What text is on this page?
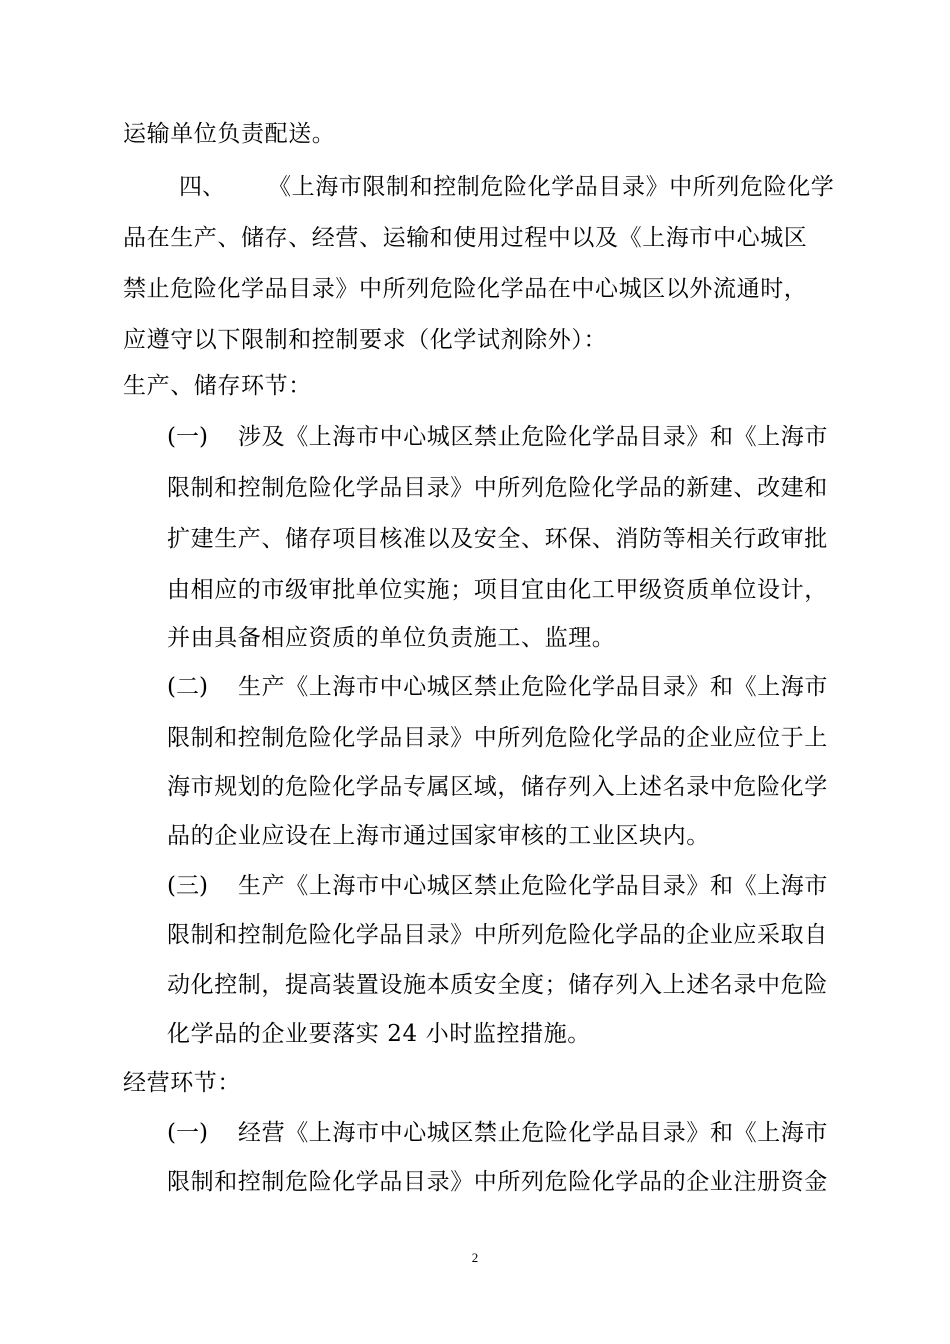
运输单位负责配送。
四、 《上海市限制和控制危险化学品目录》中所列危险化学
品在生产、储存、经营、运输和使用过程中以及《上海市中心城区
禁止危险化学品目录》中所列危险化学品在中心城区以外流通时，
应遵守以下限制和控制要求（化学试剂除外）：
生产、储存环节：
(一) 涉及《上海市中心城区禁止危险化学品目录》和《上海市
限制和控制危险化学品目录》中所列危险化学品的新建、改建和
扩建生产、储存项目核准以及安全、环保、消防等相关行政审批
由相应的市级审批单位实施；项目宜由化工甲级资质单位设计，
并由具备相应资质的单位负责施工、监理。
(二) 生产《上海市中心城区禁止危险化学品目录》和《上海市
限制和控制危险化学品目录》中所列危险化学品的企业应位于上
海市规划的危险化学品专属区域，储存列入上述名录中危险化学
品的企业应设在上海市通过国家审核的工业区块内。
(三) 生产《上海市中心城区禁止危险化学品目录》和《上海市
限制和控制危险化学品目录》中所列危险化学品的企业应采取自
动化控制，提高装置设施本质安全度；储存列入上述名录中危险
化学品的企业要落实 24 小时监控措施。
经营环节：
(一) 经营《上海市中心城区禁止危险化学品目录》和《上海市
限制和控制危险化学品目录》中所列危险化学品的企业注册资金
2
